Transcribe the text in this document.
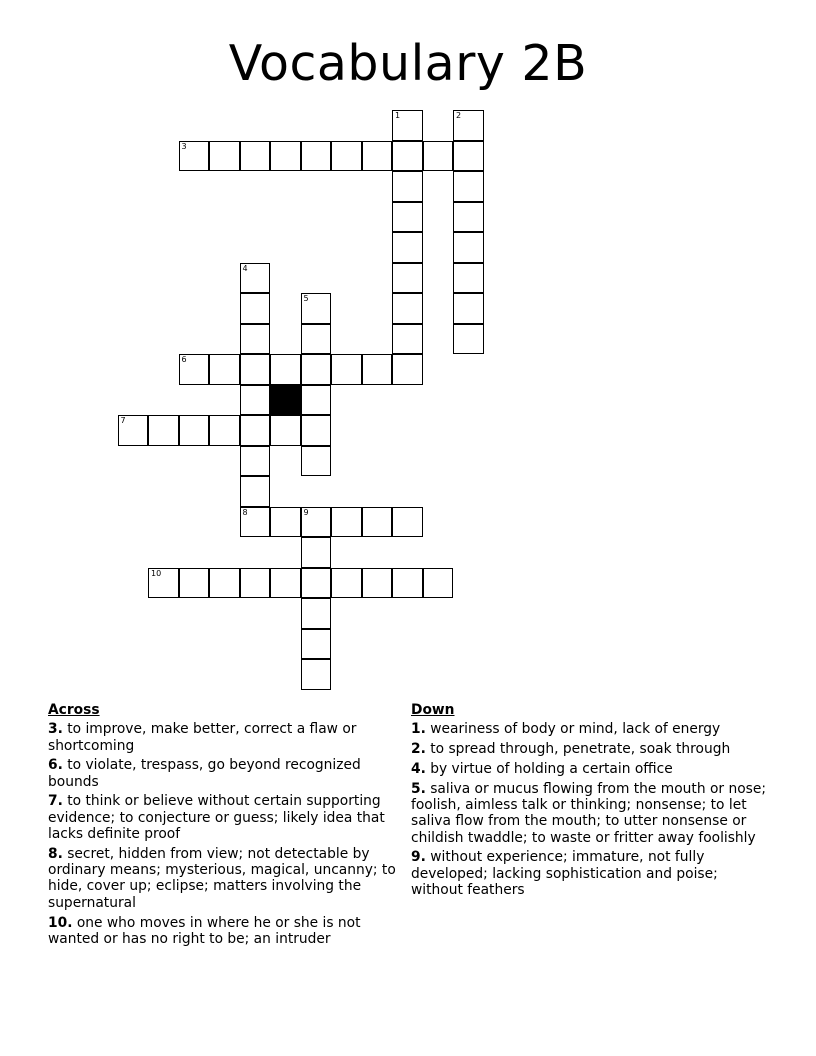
Vocabulary 2B
1	2
3
4
5
6
7
8	9
10
Across
3. to improve, make better, correct a flaw or shortcoming
6. to violate, trespass, go beyond recognized bounds
7. to think or believe without certain supporting evidence; to conjecture or guess; likely idea that lacks definite proof
8. secret, hidden from view; not detectable by ordinary means; mysterious, magical, uncanny; to hide, cover up; eclipse; matters involving the supernatural
10. one who moves in where he or she is not wanted or has no right to be; an intruder
Down
1. weariness of body or mind, lack of energy
2. to spread through, penetrate, soak through
4. by virtue of holding a certain office
5. saliva or mucus flowing from the mouth or nose; foolish, aimless talk or thinking; nonsense; to let saliva flow from the mouth; to utter nonsense or childish twaddle; to waste or fritter away foolishly
9. without experience; immature, not fully developed; lacking sophistication and poise; without feathers
